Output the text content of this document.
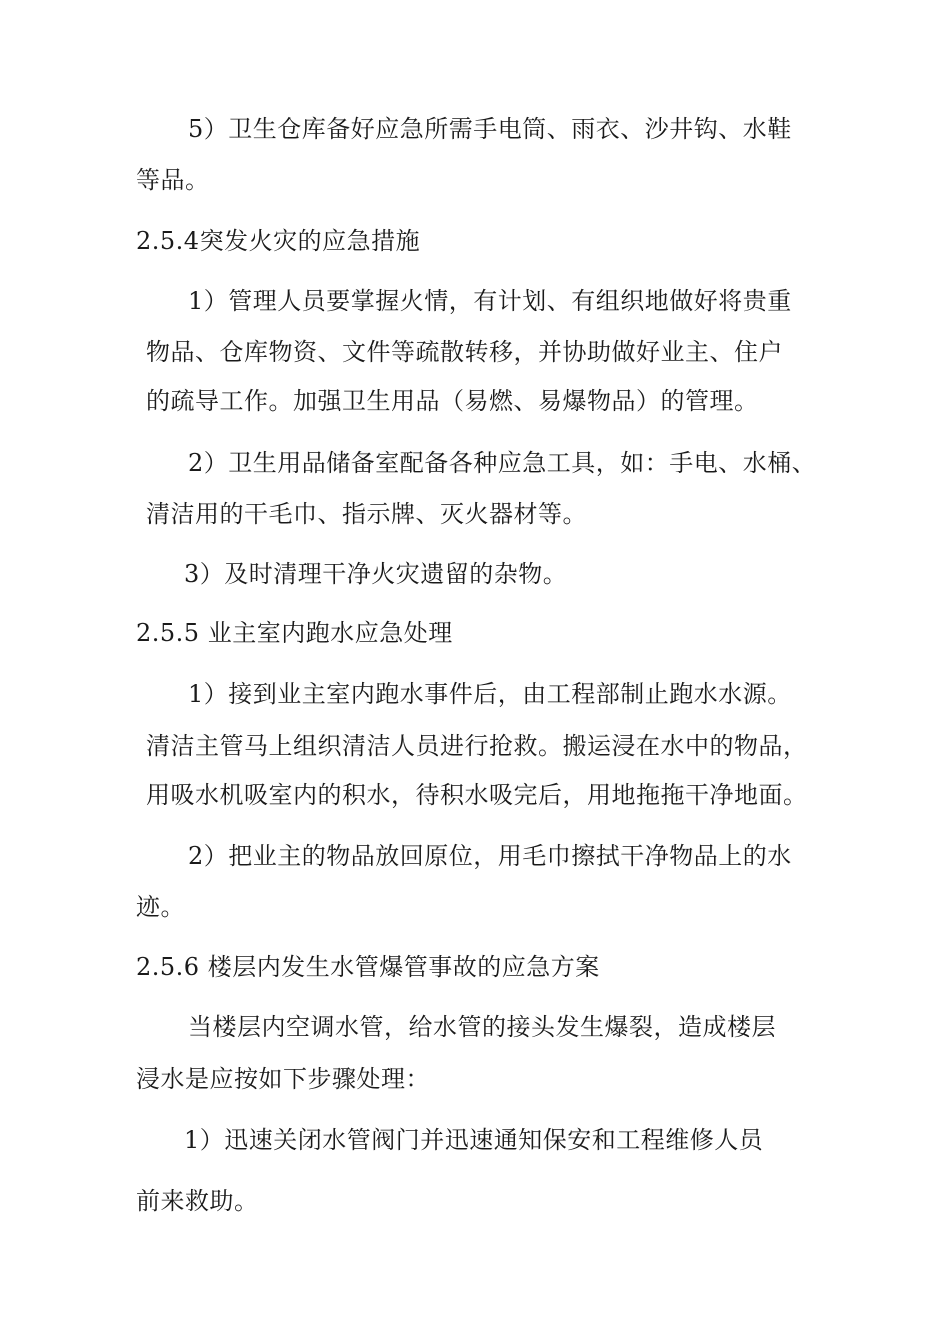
5）卫生仓库备好应急所需手电筒、雨衣、沙井钩、水鞋
等品。
2.5.4突发火灾的应急措施
1）管理人员要掌握火情，有计划、有组织地做好将贵重
物品、仓库物资、文件等疏散转移，并协助做好业主、住户
的疏导工作。加强卫生用品（易燃、易爆物品）的管理。
2）卫生用品储备室配备各种应急工具，如：手电、水桶、
清洁用的干毛巾、指示牌、灭火器材等。
3）及时清理干净火灾遗留的杂物。
2.5.5 业主室内跑水应急处理
1）接到业主室内跑水事件后，由工程部制止跑水水源。
清洁主管马上组织清洁人员进行抢救。搬运浸在水中的物品，
用吸水机吸室内的积水，待积水吸完后，用地拖拖干净地面。
2）把业主的物品放回原位，用毛巾擦拭干净物品上的水
迹。
2.5.6 楼层内发生水管爆管事故的应急方案
当楼层内空调水管，给水管的接头发生爆裂，造成楼层
浸水是应按如下步骤处理：
1）迅速关闭水管阀门并迅速通知保安和工程维修人员
前来救助。
